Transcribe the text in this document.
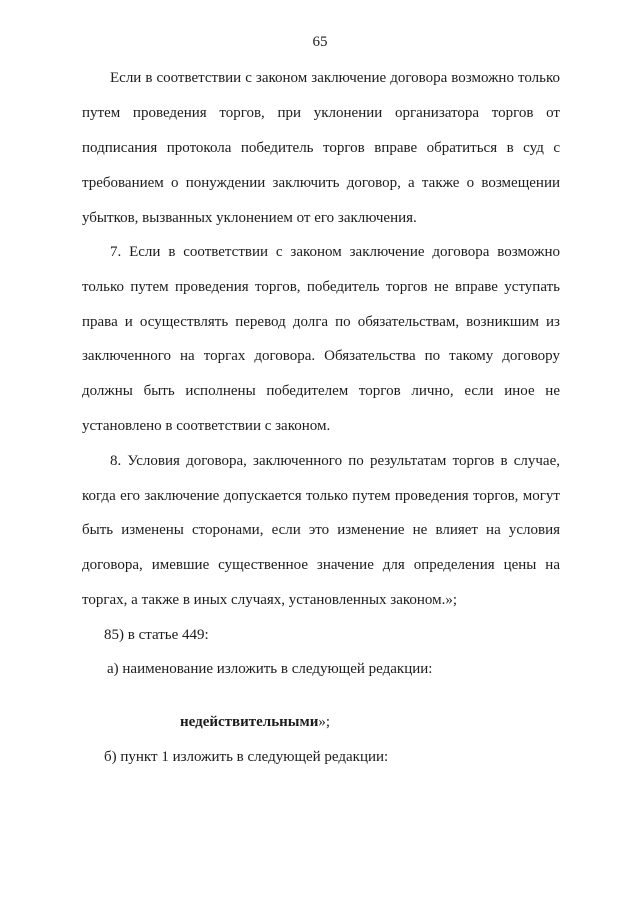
65
Если в соответствии с законом заключение договора возможно только
путем проведения торгов, при уклонении организатора торгов от
подписания протокола победитель торгов вправе обратиться в суд с
требованием о понуждении заключить договор, а также о возмещении
убытков, вызванных уклонением от его заключения.
7. Если в соответствии с законом заключение договора возможно
только путем проведения торгов, победитель торгов не вправе уступать
права и осуществлять перевод долга по обязательствам, возникшим из
заключенного на торгах договора. Обязательства по такому договору
должны быть исполнены победителем торгов лично, если иное не
установлено в соответствии с законом.
8. Условия договора, заключенного по результатам торгов в случае,
когда его заключение допускается только путем проведения торгов, могут
быть изменены сторонами, если это изменение не влияет на условия
договора, имевшие существенное значение для определения цены на
торгах, а также в иных случаях, установленных законом.»;
85) в статье 449:
а) наименование изложить в следующей редакции:

недействительными»;
б) пункт 1 изложить в следующей редакции:
